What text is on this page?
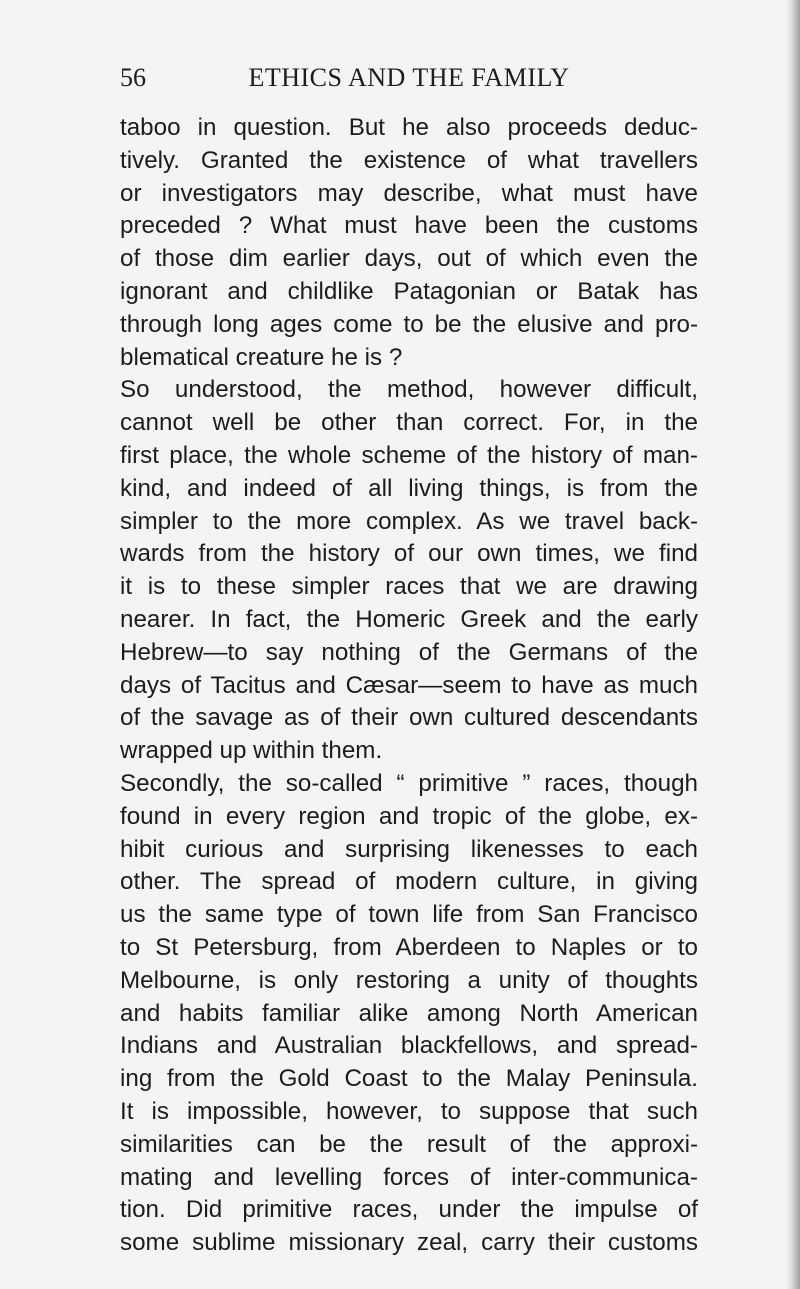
56	ETHICS AND THE FAMILY
taboo in question. But he also proceeds deduc-
tively. Granted the existence of what travellers
or investigators may describe, what must have
preceded ? What must have been the customs
of those dim earlier days, out of which even the
ignorant and childlike Patagonian or Batak has
through long ages come to be the elusive and pro-
blematical creature he is ?
So understood, the method, however difficult,
cannot well be other than correct. For, in the
first place, the whole scheme of the history of man-
kind, and indeed of all living things, is from the
simpler to the more complex. As we travel back-
wards from the history of our own times, we find
it is to these simpler races that we are drawing
nearer. In fact, the Homeric Greek and the early
Hebrew—to say nothing of the Germans of the
days of Tacitus and Cæsar—seem to have as much
of the savage as of their own cultured descendants
wrapped up within them.
Secondly, the so-called “ primitive ” races, though
found in every region and tropic of the globe, ex-
hibit curious and surprising likenesses to each
other. The spread of modern culture, in giving
us the same type of town life from San Francisco
to St Petersburg, from Aberdeen to Naples or to
Melbourne, is only restoring a unity of thoughts
and habits familiar alike among North American
Indians and Australian blackfellows, and spread-
ing from the Gold Coast to the Malay Peninsula.
It is impossible, however, to suppose that such
similarities can be the result of the approxi-
mating and levelling forces of inter-communica-
tion. Did primitive races, under the impulse of
some sublime missionary zeal, carry their customs
